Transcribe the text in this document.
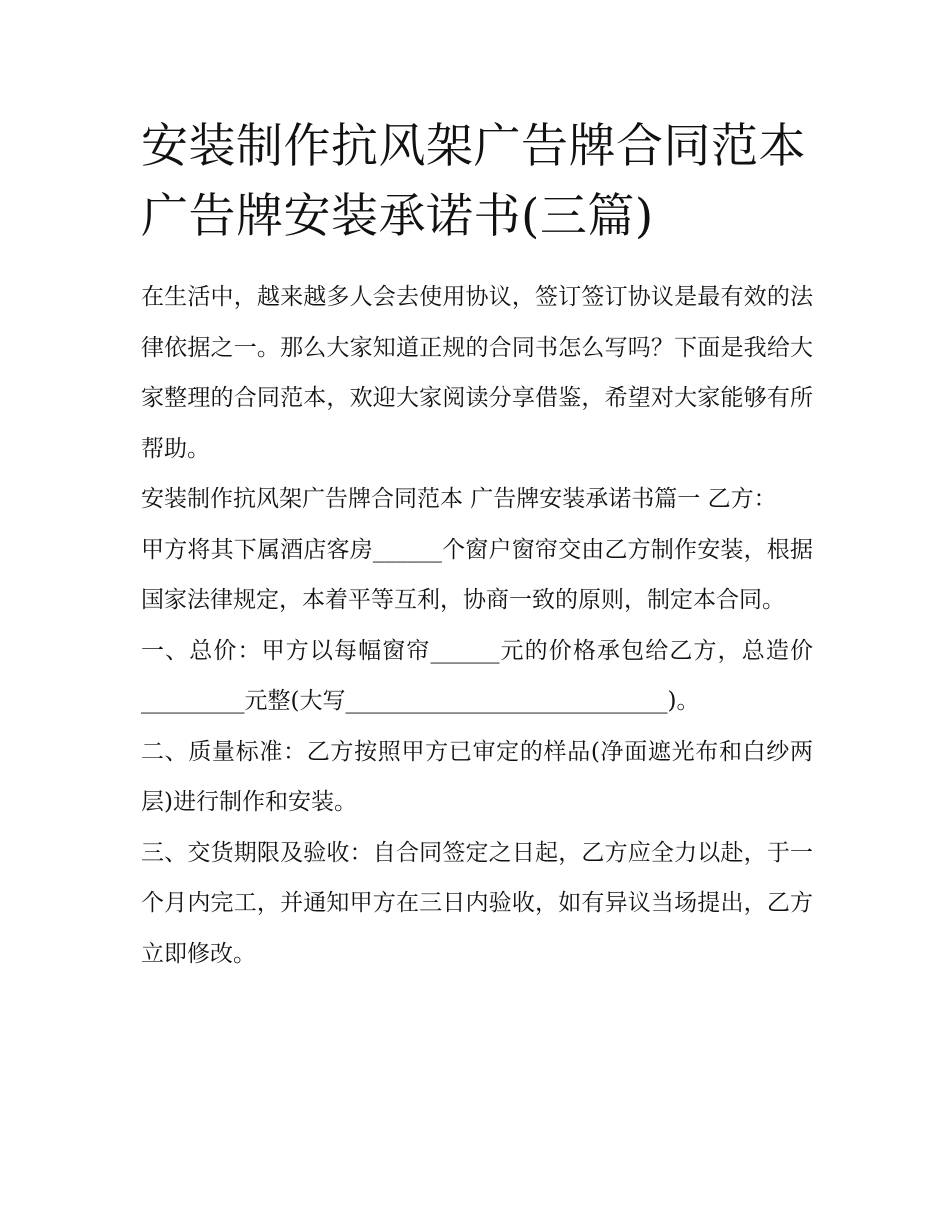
安装制作抗风架广告牌合同范本 广告牌安装承诺书(三篇)

在生活中，越来越多人会去使用协议，签订签订协议是最有效的法律依据之一。那么大家知道正规的合同书怎么写吗？下面是我给大家整理的合同范本，欢迎大家阅读分享借鉴，希望对大家能够有所帮助。

安装制作抗风架广告牌合同范本 广告牌安装承诺书篇一 乙方：

甲方将其下属酒店客房______个窗户窗帘交由乙方制作安装，根据国家法律规定，本着平等互利，协商一致的原则，制定本合同。

一、总价：甲方以每幅窗帘______元的价格承包给乙方，总造价_________元整(大写____________________________)。

二、质量标准：乙方按照甲方已审定的样品(净面遮光布和白纱两层)进行制作和安装。

三、交货期限及验收：自合同签定之日起，乙方应全力以赴，于一个月内完工，并通知甲方在三日内验收，如有异议当场提出，乙方立即修改。
